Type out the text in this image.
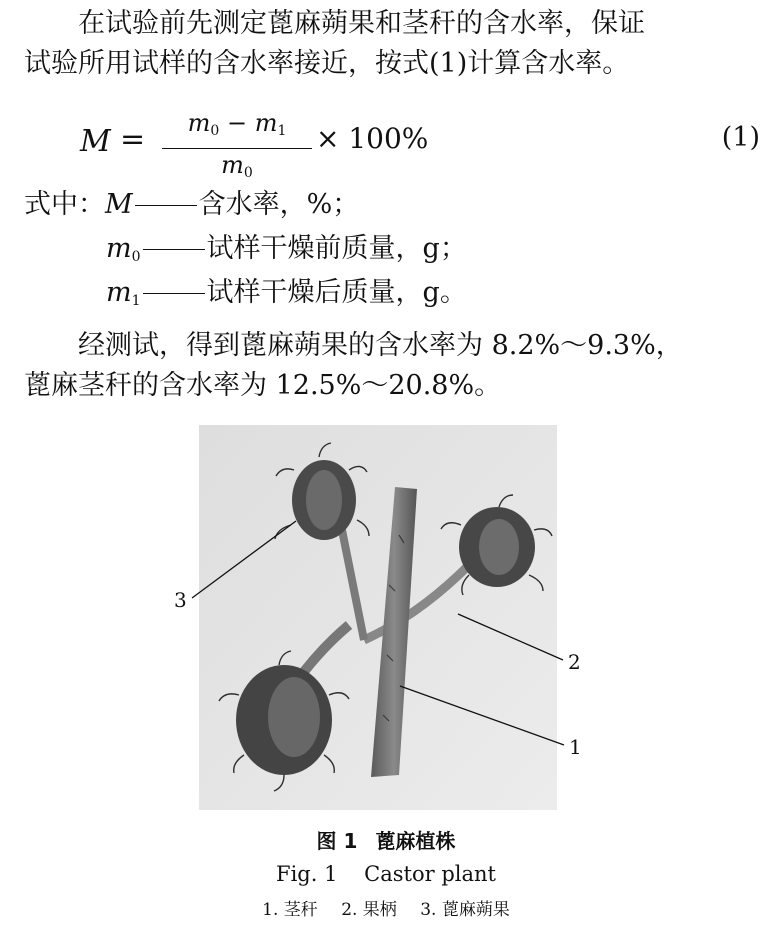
在试验前先测定蓖麻蒴果和茎秆的含水率，保证
试验所用试样的含水率接近，按式(1)计算含水率。
M =	$m_0 - m_1$
$m_0$
× 100%	(1)
式中：M 含水率，%；
$m_0$ 试样干燥前质量，g；
$m_1$ 试样干燥后质量，g。
经测试，得到蓖麻蒴果的含水率为 8.2%～9.3%，
蓖麻茎秆的含水率为 12.5%～20.8%。
3
2
1
图 1 蓖麻植株
Fig. 1    Castor plant
1. 茎秆 2. 果柄 3. 蓖麻蒴果
